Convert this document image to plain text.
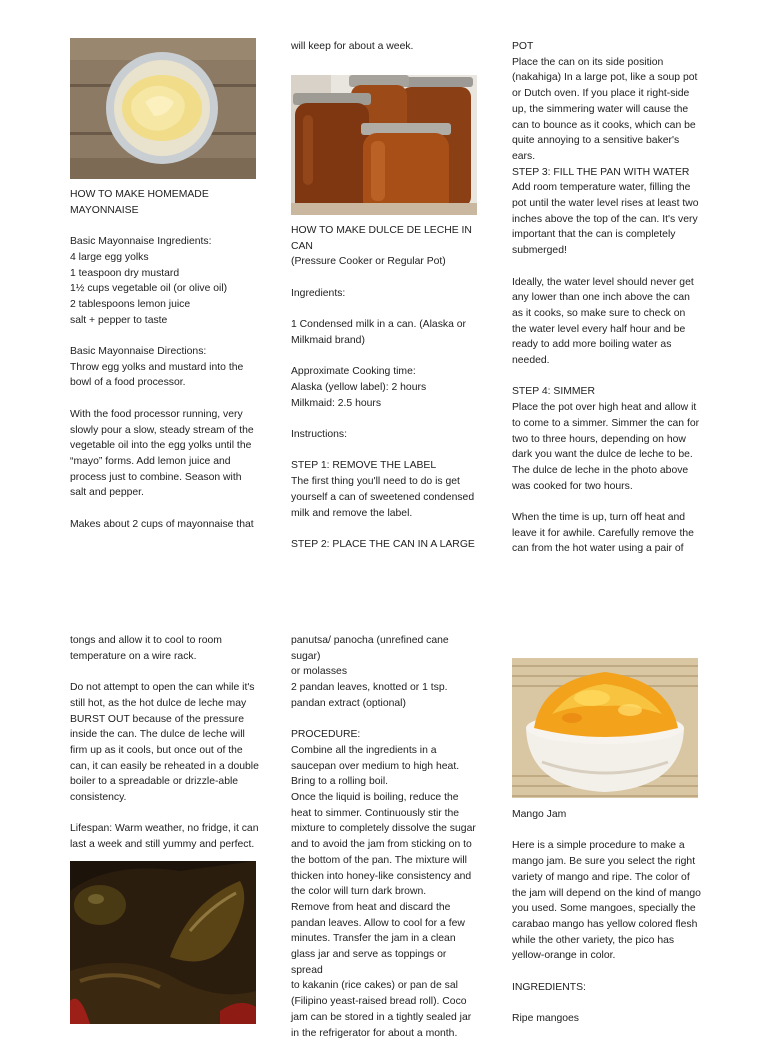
HOW TO MAKE HOMEMADE
MAYONNAISE

Basic Mayonnaise Ingredients:

4 large egg yolks

1 teaspoon dry mustard

1½ cups vegetable oil (or olive oil)

2 tablespoons lemon juice

salt + pepper to taste

Basic Mayonnaise Directions:

Throw egg yolks and mustard into the
bowl of a food processor.

With the food processor running, very
slowly pour a slow, steady stream of the
vegetable oil into the egg yolks until the
“mayo” forms. Add lemon juice and
process just to combine. Season with
salt and pepper.

Makes about 2 cups of mayonnaise that

will keep for about a week.

HOW TO MAKE DULCE DE LECHE IN
CAN

(Pressure Cooker or Regular Pot)

Ingredients:

1 Condensed milk in a can. (Alaska or
Milkmaid brand)

Approximate Cooking time:

Alaska (yellow label): 2 hours

Milkmaid: 2.5 hours

Instructions:

STEP 1: REMOVE THE LABEL

The first thing you'll need to do is get
yourself a can of sweetened condensed
milk and remove the label.

STEP 2: PLACE THE CAN IN A LARGE

POT

Place the can on its side position
(nakahiga) In a large pot, like a soup pot
or Dutch oven. If you place it right-side
up, the simmering water will cause the
can to bounce as it cooks, which can be
quite annoying to a sensitive baker's
ears.

STEP 3: FILL THE PAN WITH WATER

Add room temperature water, filling the
pot until the water level rises at least two
inches above the top of the can. It's very
important that the can is completely
submerged!

Ideally, the water level should never get
any lower than one inch above the can
as it cooks, so make sure to check on
the water level every half hour and be
ready to add more boiling water as
needed.

STEP 4: SIMMER

Place the pot over high heat and allow it
to come to a simmer. Simmer the can for
two to three hours, depending on how
dark you want the dulce de leche to be.
The dulce de leche in the photo above
was cooked for two hours.

When the time is up, turn off heat and
leave it for awhile. Carefully remove the
can from the hot water using a pair of

tongs and allow it to cool to room
temperature on a wire rack.

Do not attempt to open the can while it's
still hot, as the hot dulce de leche may
BURST OUT because of the pressure
inside the can. The dulce de leche will
firm up as it cools, but once out of the
can, it can easily be reheated in a double
boiler to a spreadable or drizzle-able
consistency.

Lifespan: Warm weather, no fridge, it can
last a week and still yummy and perfect.

panutsa/ panocha (unrefined cane sugar)
or molasses
2 pandan leaves, knotted or 1 tsp.
pandan extract (optional)

PROCEDURE:

Combine all the ingredients in a
saucepan over medium to high heat.
Bring to a rolling boil.
Once the liquid is boiling, reduce the
heat to simmer. Continuously stir the
mixture to completely dissolve the sugar
and to avoid the jam from sticking on to
the bottom of the pan. The mixture will
thicken into honey-like consistency and
the color will turn dark brown.
Remove from heat and discard the
pandan leaves. Allow to cool for a few
minutes. Transfer the jam in a clean
glass jar and serve as toppings or spread
to kakanin (rice cakes) or pan de sal
(Filipino yeast-raised bread roll). Coco
jam can be stored in a tightly sealed jar
in the refrigerator for about a month.

Mango Jam

Here is a simple procedure to make a
mango jam. Be sure you select the right
variety of mango and ripe. The color of
the jam will depend on the kind of mango
you used. Some mangoes, specially the
carabao mango has yellow colored flesh
while the other variety, the pico has
yellow-orange in color.

INGREDIENTS:

Ripe mangoes
